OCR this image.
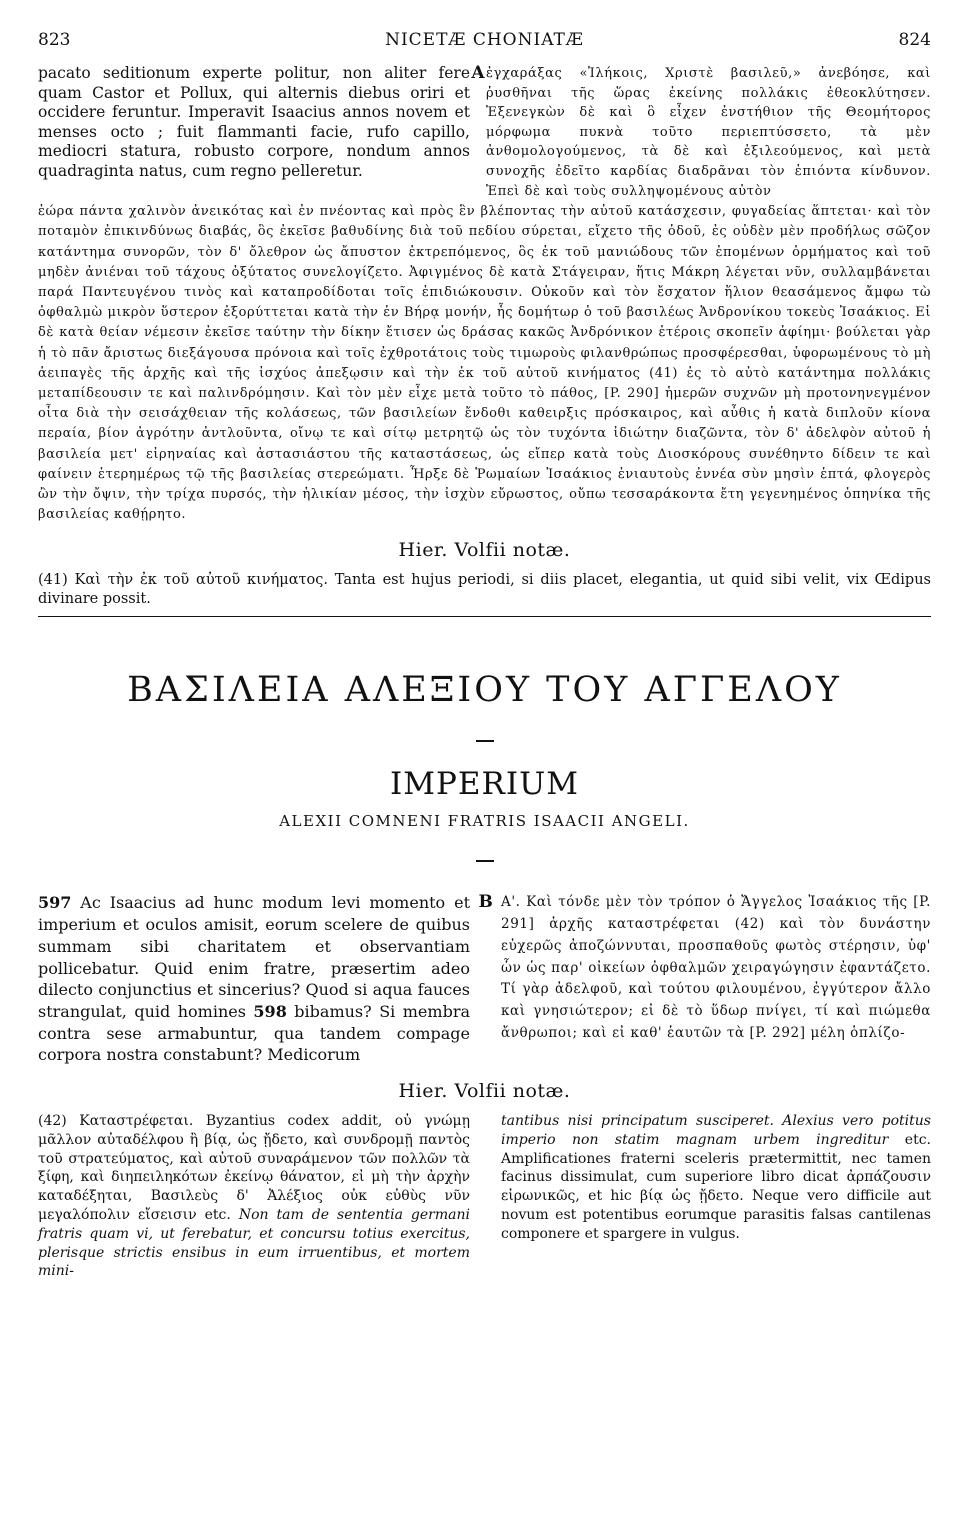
823	NICETÆ CHONIATÆ	824
pacato seditionum experte politur, non aliter fere quam Castor et Pollux, qui alternis diebus oriri et occidere feruntur. Imperavit Isaacius annos novem et menses octo ; fuit flammanti facie, rufo capillo, mediocri statura, robusto corpore, nondum annos quadraginta natus, cum regno pelleretur.
A ἐγχαράξας «Ἰλήκοις, Χριστὲ βασιλεῦ,» ἀνεβόησε, καὶ ῥυσθῆναι τῆς ὥρας ἐκείνης πολλάκις ἐθεοκλύτησεν. Ἐξενεγκὼν δὲ καὶ ὃ εἶχεν ἐνστήθιον τῆς Θεομήτορος μόρφωμα πυκνὰ τοῦτο περιεπτύσσετο, τὰ μὲν ἀνθομολογούμενος, τὰ δὲ καὶ ἐξιλεούμενος, καὶ μετὰ συνοχῆς ἐδεῖτο καρδίας διαδρᾶναι τὸν ἐπιόντα κίνδυνον. Ἐπεὶ δὲ καὶ τοὺς συλληψομένους αὐτὸν
ἑώρα πάντα χαλινὸν ἀνεικότας καὶ ἐν πνέοντας καὶ πρὸς ἓν βλέποντας τὴν αὐτοῦ κατάσχεσιν, φυγαδείας ἅπτεται· καὶ τὸν ποταμὸν ἐπικινδύνως διαβάς, ὃς ἐκεῖσε βαθυδίνης διὰ τοῦ πεδίου σύρεται, εἴχετο τῆς ὁδοῦ, ἐς οὐδὲν μὲν προδήλως σῶζον κατάντημα συνορῶν, τὸν δ' ὄλεθρον ὡς ἄπυστον ἐκτρεπόμενος, ὃς ἐκ τοῦ μανιώδους τῶν ἑπομένων ὁρμήματος καὶ τοῦ μηδὲν ἀνιέναι τοῦ τάχους ὀξύτατος συνελογίζετο. Ἀφιγμένος δὲ κατὰ Στάγειραν, ἥτις Μάκρη λέγεται νῦν, συλλαμβάνεται παρά Παντευγένου τινὸς καὶ καταπροδίδοται τοῖς ἐπιδιώκουσιν. Οὐκοῦν καὶ τὸν ἔσχατον ἥλιον θεασάμενος ἄμφω τὼ ὀφθαλμὼ μικρὸν ὕστερον ἐξορύττεται κατὰ τὴν ἐν Βήρᾳ μονήν, ἧς δομήτωρ ὁ τοῦ βασιλέως Ἀνδρονίκου τοκεὺς Ἰσαάκιος. Εἰ δὲ κατὰ θείαν νέμεσιν ἐκεῖσε ταύτην τὴν δίκην ἔτισεν ὡς δράσας κακῶς Ἀνδρόνικον ἑτέροις σκοπεῖν ἀφίημι· βούλεται γὰρ ἡ τὸ πᾶν ἄριστως διεξάγουσα πρόνοια καὶ τοῖς ἐχθροτάτοις τοὺς τιμωροὺς φιλανθρώπως προσφέρεσθαι, ὑφορωμένους τὸ μὴ ἀειπαγὲς τῆς ἀρχῆς καὶ τῆς ἰσχύος ἀπεξῳσιν καὶ τὴν ἐκ τοῦ αὐτοῦ κινήματος (41) ἐς τὸ αὐτὸ κατάντημα πολλάκις μεταπίδεουσιν τε καὶ παλινδρόμησιν. Καὶ τὸν μὲν εἶχε μετὰ τοῦτο τὸ πάθος, [P. 290] ἡμερῶν συχνῶν μὴ προτονηνεγμένον οἶτα διὰ τὴν σεισάχθειαν τῆς κολάσεως, τῶν βασιλείων ἔνδοθι καθειρξις πρόσκαιρος, καὶ αὖθις ἡ κατὰ διπλοῦν κίονα περαία, βίον ἀγρότην ἀντλοῦντα, οἴνῳ τε καὶ σίτῳ μετρητῷ ὡς τὸν τυχόντα ἰδιώτην διαζῶντα, τὸν δ' ἀδελφὸν αὐτοῦ ἡ βασιλεία μετ' εἰρηναίας καὶ ἀστασιάστου τῆς καταστάσεως, ὡς εἴπερ κατὰ τοὺς Διοσκόρους συνέθηντο δίδειν τε καὶ φαίνειν ἑτερημέρως τῷ τῆς βασιλείας στερεώματι. Ἦρξε δὲ Ῥωμαίων Ἰσαάκιος ἐνιαυτοὺς ἐννέα σὺν μησὶν ἑπτά, φλογερὸς ὢν τὴν ὄψιν, τὴν τρίχα πυρσός, τὴν ἡλικίαν μέσος, τὴν ἰσχὺν εὔρωστος, οὔπω τεσσαράκοντα ἔτη γεγενημένος ὁπηνίκα τῆς βασιλείας καθῄρητο.
Hier. Volfii notæ.
(41) Καὶ τὴν ἐκ τοῦ αὐτοῦ κινήματος. Tanta est hujus periodi, si diis placet, elegantia, ut quid sibi velit, vix Œdipus divinare possit.
ΒΑΣΙΛΕΙΑ ΑΛΕΞΙΟΥ ΤΟΥ ΑΓΓΕΛΟΥ
IMPERIUM
ALEXII COMNENI FRATRIS ISAACII ANGELI.
597 Ac Isaacius ad hunc modum levi momento et imperium et oculos amisit, eorum scelere de quibus summam sibi charitatem et observantiam pollicebatur. Quid enim fratre, præsertim adeo dilecto conjunctius et sincerius? Quod si aqua fauces strangulat, quid homines 598 bibamus? Si membra contra sese armabuntur, qua tandem compage corpora nostra constabunt? Medicorum
B Α'. Καὶ τόνδε μὲν τὸν τρόπον ὁ Ἄγγελος Ἰσαάκιος τῆς [P. 291] ἀρχῆς καταστρέφεται (42) καὶ τὸν δυνάστην εὐχερῶς ἀποζώννυται, προσπαθοῦς φωτὸς στέρησιν, ὑφ' ὧν ὡς παρ' οἰκείων ὀφθαλμῶν χειραγώγησιν ἐφαντάζετο. Τί γὰρ ἀδελφοῦ, καὶ τούτου φιλουμένου, ἐγγύτερον ἄλλο καὶ γνησιώτερον; εἰ δὲ τὸ ὕδωρ πνίγει, τί καὶ πιώμεθα ἄνθρωποι; καὶ εἰ καθ' ἑαυτῶν τὰ [P. 292] μέλη ὁπλίζο-
Hier. Volfii notæ.
(42) Καταστρέφεται. Byzantius codex addit, οὐ γνώμῃ μᾶλλον αὐταδέλφου ἢ βίᾳ, ὡς ᾔδετο, καὶ συνδρομῇ παντὸς τοῦ στρατεύματος, καὶ αὐτοῦ συναράμενον τῶν πολλῶν τὰ ξίφη, καὶ διηπειληκότων ἐκείνῳ θάνατον, εἰ μὴ τὴν ἀρχὴν καταδέξηται, Βασιλεὺς δ' Ἀλέξιος οὐκ εὐθὺς νῦν μεγαλόπολιν εἴσεισιν etc. Non tam de sententia germani fratris quam vi, ut ferebatur, et concursu totius exercitus, plerisque strictis ensibus in eum irruentibus, et mortem mini-
tantibus nisi principatum susciperet. Alexius vero potitus imperio non statim magnam urbem ingreditur etc. Amplificationes fraterni sceleris prætermittit, nec tamen facinus dissimulat, cum superiore libro dicat ἀρπάζουσιν εἰρωνικῶς, et hic βίᾳ ὡς ᾔδετο. Neque vero difficile aut novum est potentibus eorumque parasitis falsas cantilenas componere et spargere in vulgus.
